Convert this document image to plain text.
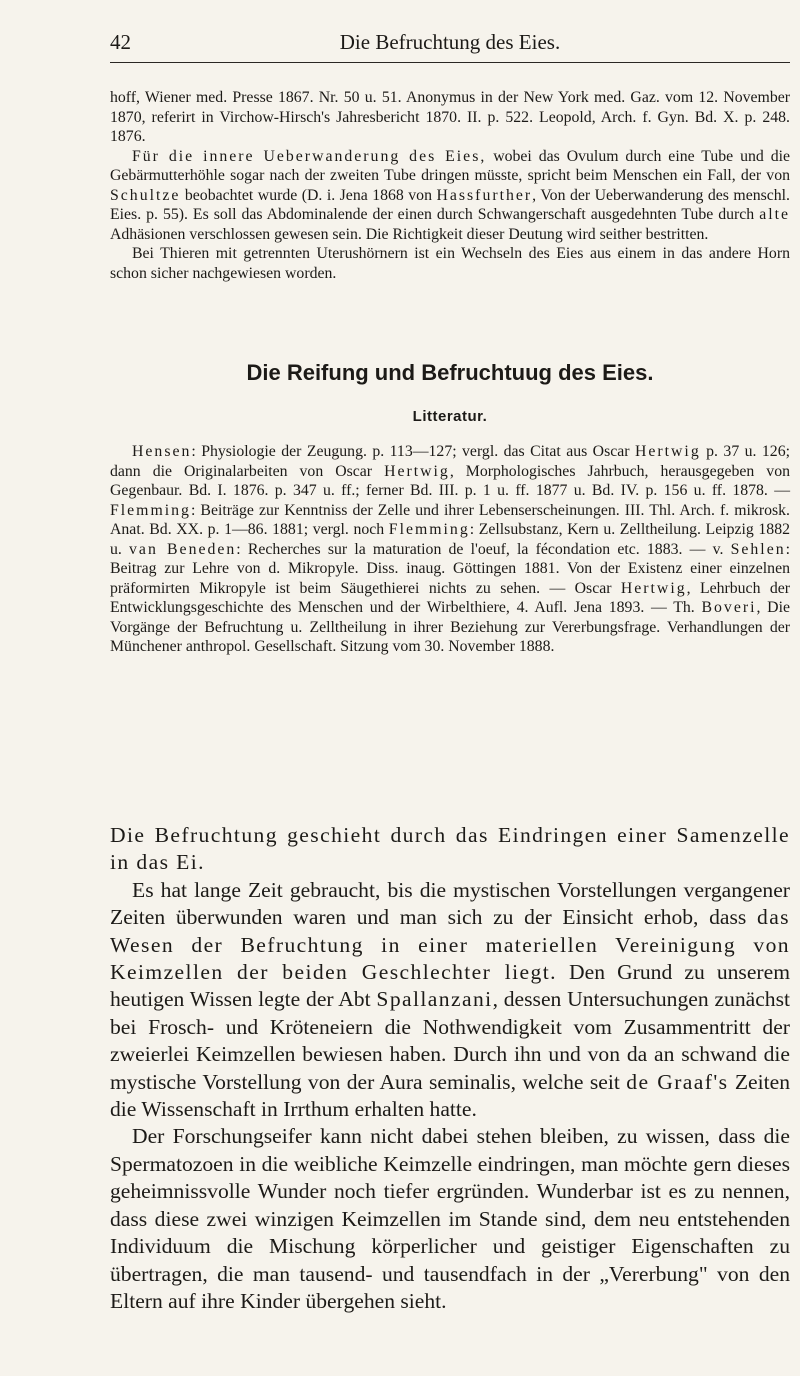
42	Die Befruchtung des Eies.

hoff, Wiener med. Presse 1867. Nr. 50 u. 51. Anonymus in der New York med. Gaz. vom 12. November 1870, referirt in Virchow-Hirsch's Jahresbericht 1870. II. p. 522. Leopold, Arch. f. Gyn. Bd. X. p. 248. 1876.

Für die innere Ueberwanderung des Eies, wobei das Ovulum durch eine Tube und die Gebärmutterhöhle sogar nach der zweiten Tube dringen müsste, spricht beim Menschen ein Fall, der von Schultze beobachtet wurde (D. i. Jena 1868 von Hassfurther, Von der Ueberwanderung des menschl. Eies. p. 55). Es soll das Abdominalende der einen durch Schwangerschaft ausgedehnten Tube durch alte Adhäsionen verschlossen gewesen sein. Die Richtigkeit dieser Deutung wird seither bestritten.

Bei Thieren mit getrennten Uterushörnern ist ein Wechseln des Eies aus einem in das andere Horn schon sicher nachgewiesen worden.

Die Reifung und Befruchtuug des Eies.
Litteratur.

Hensen: Physiologie der Zeugung. p. 113—127; vergl. das Citat aus Oscar Hertwig p. 37 u. 126; dann die Originalarbeiten von Oscar Hertwig, Morphologisches Jahrbuch, herausgegeben von Gegenbaur. Bd. I. 1876. p. 347 u. ff.; ferner Bd. III. p. 1 u. ff. 1877 u. Bd. IV. p. 156 u. ff. 1878. — Flemming: Beiträge zur Kenntniss der Zelle und ihrer Lebenserscheinungen. III. Thl. Arch. f. mikrosk. Anat. Bd. XX. p. 1—86. 1881; vergl. noch Flemming: Zellsubstanz, Kern u. Zelltheilung. Leipzig 1882 u. van Beneden: Recherches sur la maturation de l'oeuf, la fécondation etc. 1883. — v. Sehlen: Beitrag zur Lehre von d. Mikropyle. Diss. inaug. Göttingen 1881. Von der Existenz einer einzelnen präformirten Mikropyle ist beim Säugethierei nichts zu sehen. — Oscar Hertwig, Lehrbuch der Entwicklungsgeschichte des Menschen und der Wirbelthiere, 4. Aufl. Jena 1893. — Th. Boveri, Die Vorgänge der Befruchtung u. Zelltheilung in ihrer Beziehung zur Vererbungsfrage. Verhandlungen der Münchener anthropol. Gesellschaft. Sitzung vom 30. November 1888.

Die Befruchtung geschieht durch das Eindringen einer Samenzelle in das Ei.

Es hat lange Zeit gebraucht, bis die mystischen Vorstellungen vergangener Zeiten überwunden waren und man sich zu der Einsicht erhob, dass das Wesen der Befruchtung in einer materiellen Vereinigung von Keimzellen der beiden Geschlechter liegt. Den Grund zu unserem heutigen Wissen legte der Abt Spallanzani, dessen Untersuchungen zunächst bei Frosch- und Kröteneiern die Nothwendigkeit vom Zusammentritt der zweierlei Keimzellen bewiesen haben. Durch ihn und von da an schwand die mystische Vorstellung von der Aura seminalis, welche seit de Graaf's Zeiten die Wissenschaft in Irrthum erhalten hatte.

Der Forschungseifer kann nicht dabei stehen bleiben, zu wissen, dass die Spermatozoen in die weibliche Keimzelle eindringen, man möchte gern dieses geheimnissvolle Wunder noch tiefer ergründen. Wunderbar ist es zu nennen, dass diese zwei winzigen Keimzellen im Stande sind, dem neu entstehenden Individuum die Mischung körperlicher und geistiger Eigenschaften zu übertragen, die man tausend- und tausendfach in der „Vererbung" von den Eltern auf ihre Kinder übergehen sieht.
